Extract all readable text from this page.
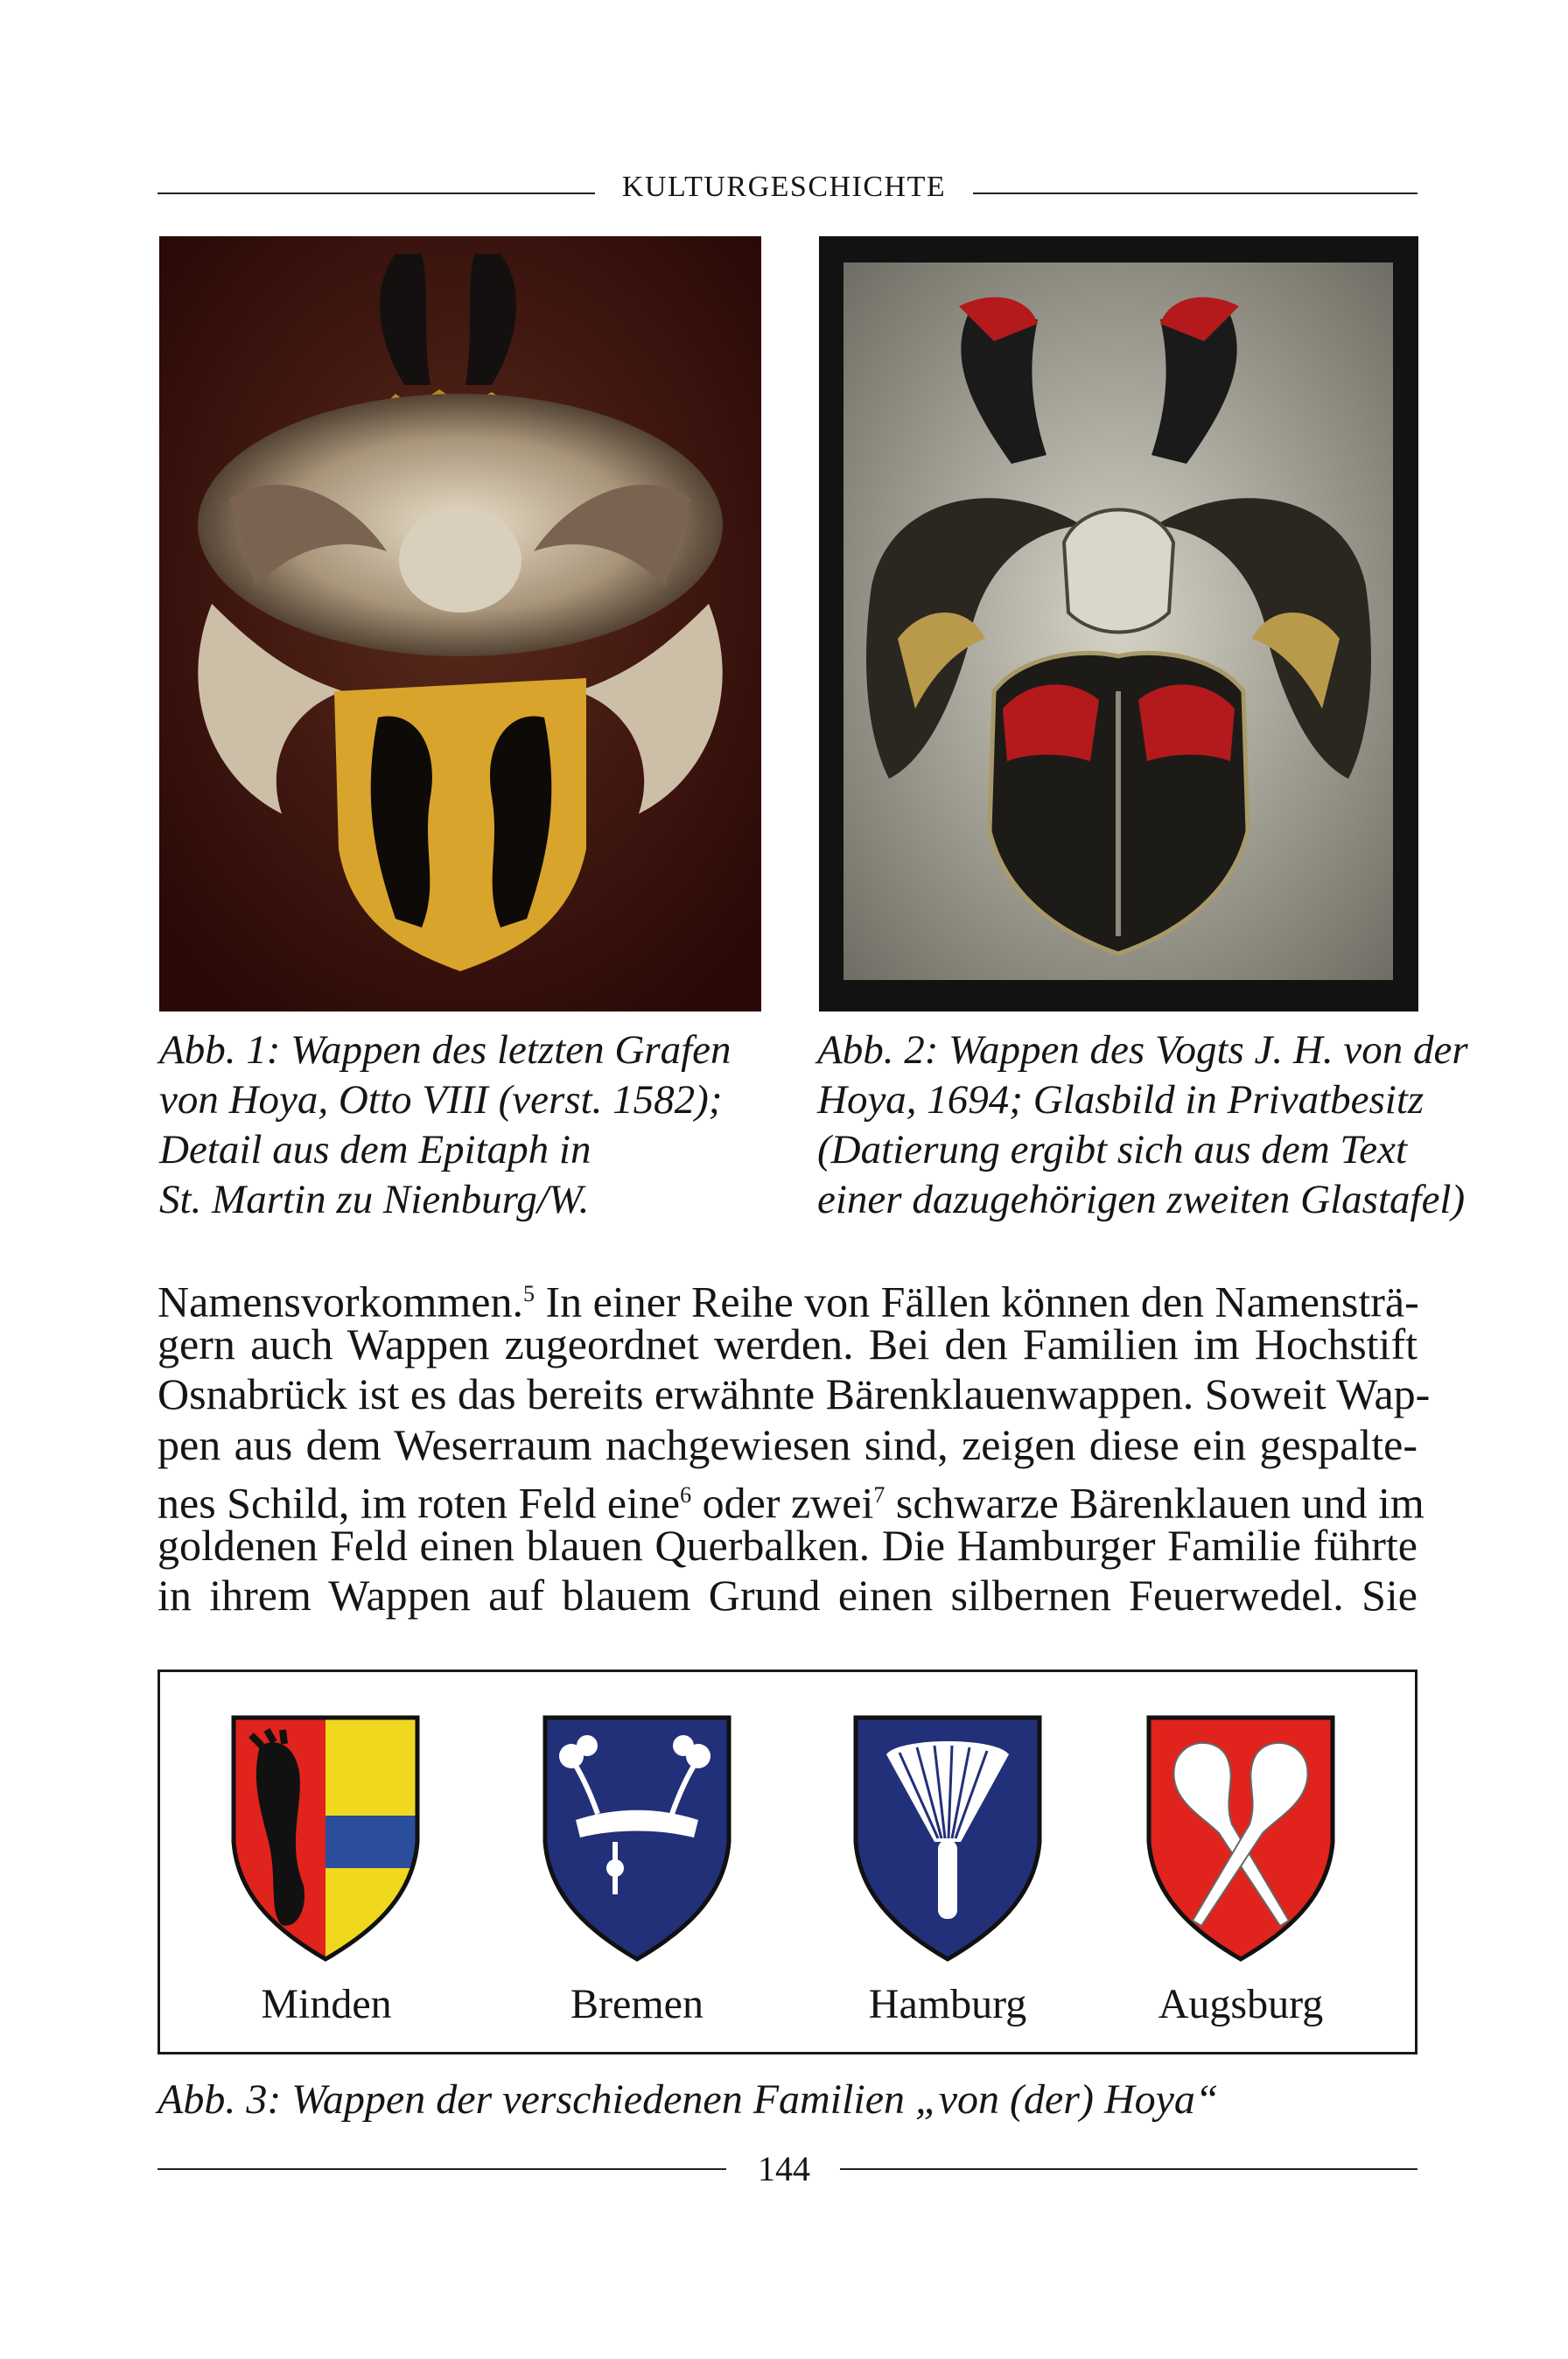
KULTURGESCHICHTE
Abb. 1: Wappen des letzten Grafen
von Hoya, Otto VIII (verst. 1582);
Detail aus dem Epitaph in
St. Martin zu Nienburg/W.
Abb. 2: Wappen des Vogts J. H. von der
Hoya, 1694; Glasbild in Privatbesitz
(Datierung ergibt sich aus dem Text
einer dazugehörigen zweiten Glastafel)
Namensvorkommen.$^5$ In einer Reihe von Fällen können den Namensträ-
gern auch Wappen zugeordnet werden. Bei den Familien im Hochstift
Osnabrück ist es das bereits erwähnte Bärenklauenwappen. Soweit Wap-
pen aus dem Weserraum nachgewiesen sind, zeigen diese ein gespalte-
nes Schild, im roten Feld eine$^6$ oder zwei$^7$ schwarze Bärenklauen und im
goldenen Feld einen blauen Querbalken. Die Hamburger Familie führte
in ihrem Wappen auf blauem Grund einen silbernen Feuerwedel. Sie
Minden	Bremen	Hamburg	Augsburg
Abb. 3: Wappen der verschiedenen Familien „von (der) Hoya“
144
